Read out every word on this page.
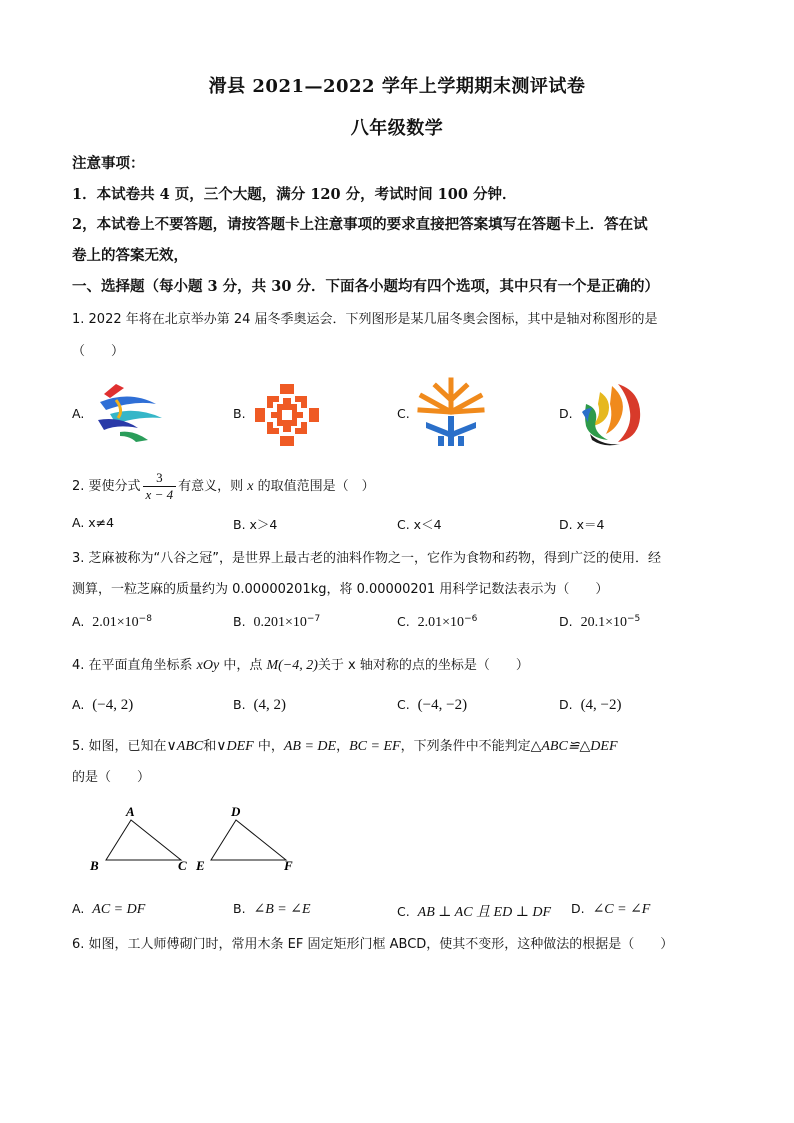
滑县 2021—2022 学年上学期期末测评试卷
八年级数学
注意事项：
1．本试卷共 4 页，三个大题，满分 120 分，考试时间 100 分钟．
2，本试卷上不要答题，请按答题卡上注意事项的要求直接把答案填写在答题卡上．答在试
卷上的答案无效，
一、选择题（每小题 3 分，共 30 分．下面各小题均有四个选项，其中只有一个是正确的）
1. 2022 年将在北京举办第 24 届冬季奥运会．下列图形是某几届冬奥会图标，其中是轴对称图形的是
（　　）
A.	B.	C.	D.
2. 要使分式 $\frac{3}{x - 4}$ 有意义，则 x 的取值范围是（　）
A. x≠4	B. x＞4	C. x＜4	D. x＝4
3. 芝麻被称为“八谷之冠”，是世界上最古老的油料作物之一，它作为食物和药物，得到广泛的使用．经
测算，一粒芝麻的质量约为 0.00000201kg，将 0.00000201 用科学记数法表示为（　　）
A. $2.01\times 10^{-8}$	B. $0.201\times 10^{-7}$	C. $2.01\times 10^{-6}$	D. $20.1\times 10^{-5}$
4. 在平面直角坐标系 xOy 中，点 M(−4, 2)关于 x 轴对称的点的坐标是（　　）
A. (−4, 2)	B. (4, 2)	C. (−4, −2)	D. (4, −2)
5. 如图，已知在∨ABC和∨DEF 中，AB = DE，BC = EF，下列条件中不能判定△ABC≌△DEF
的是（　　）
A
B	C
D
E	F
A. AC = DF	B. ∠B = ∠E	C. AB ⊥ AC 且 ED ⊥ DF D. ∠C = ∠F
6. 如图，工人师傅砌门时，常用木条 EF 固定矩形门框 ABCD，使其不变形，这种做法的根据是（　　）
